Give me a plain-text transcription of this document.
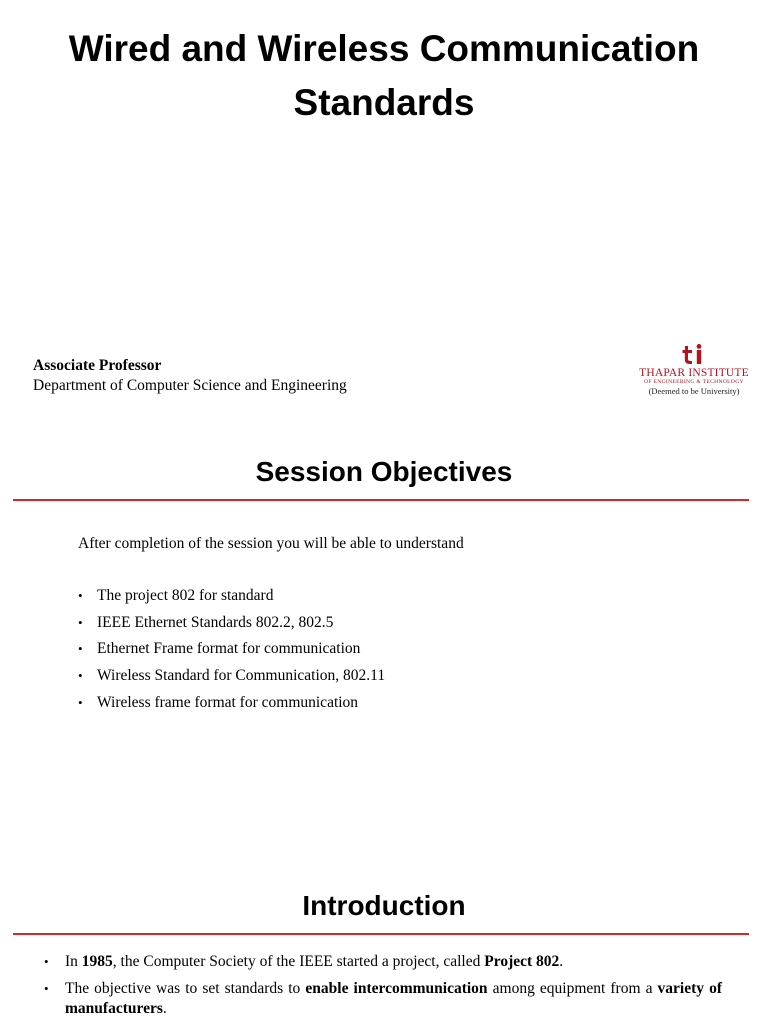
Wired and Wireless Communication
Standards
Associate Professor
Department of Computer Science and Engineering
THAPAR INSTITUTE
OF ENGINEERING & TECHNOLOGY
(Deemed to be University)
Session Objectives
After completion of the session you will be able to understand
• The project 802 for standard
• IEEE Ethernet Standards 802.2, 802.5
• Ethernet Frame format for communication
• Wireless Standard for Communication, 802.11
• Wireless frame format for communication
Introduction
• In 1985, the Computer Society of the IEEE started a project, called Project 802.
• The objective was to set standards to enable intercommunication among equipment from a variety of manufacturers.
